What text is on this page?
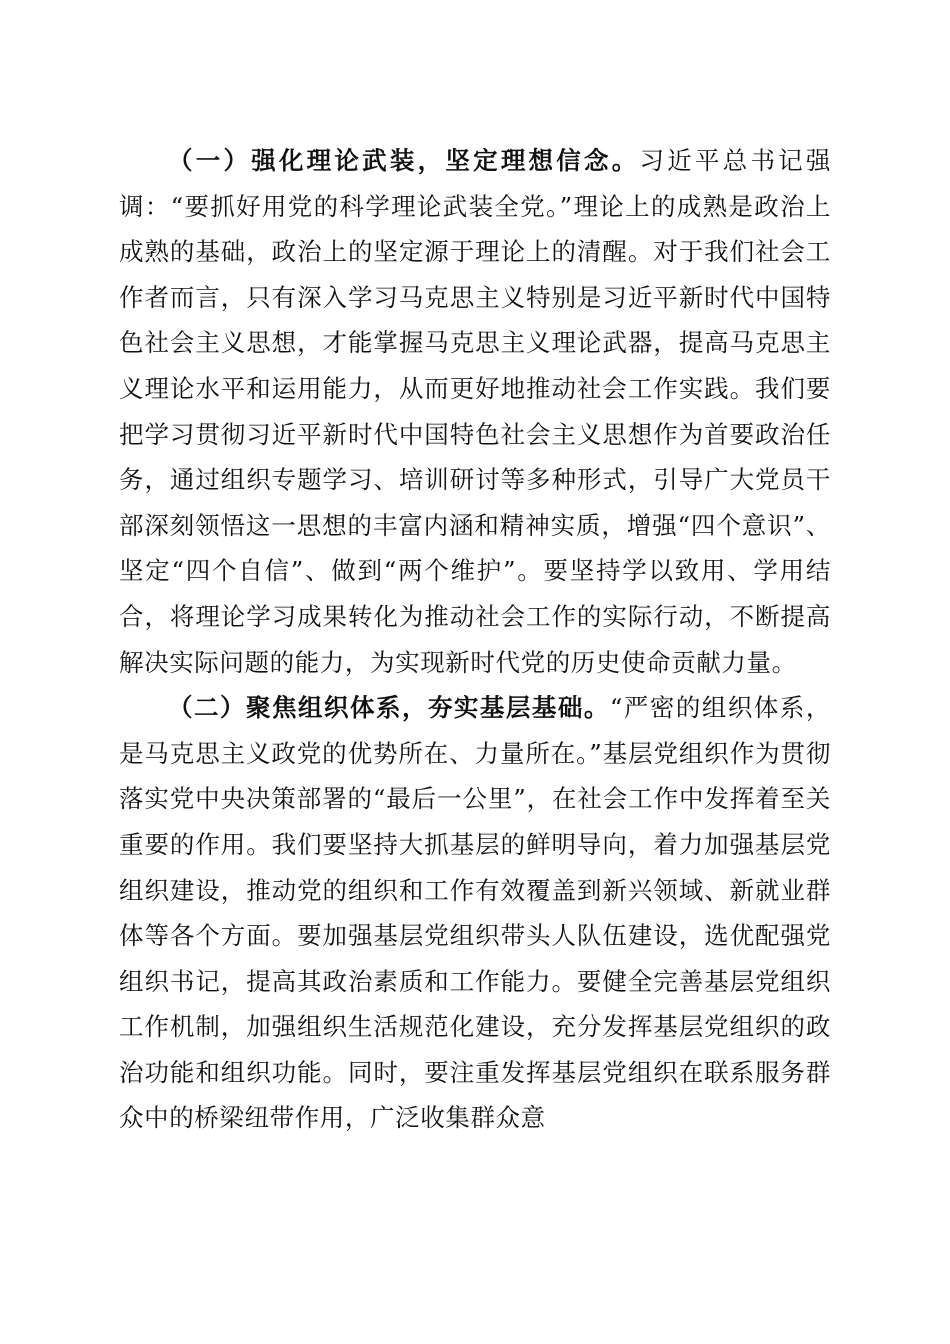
（一）强化理论武装，坚定理想信念。习近平总书记强调：“要抓好用党的科学理论武装全党。”理论上的成熟是政治上成熟的基础，政治上的坚定源于理论上的清醒。对于我们社会工作者而言，只有深入学习马克思主义特别是习近平新时代中国特色社会主义思想，才能掌握马克思主义理论武器，提高马克思主义理论水平和运用能力，从而更好地推动社会工作实践。我们要把学习贯彻习近平新时代中国特色社会主义思想作为首要政治任务，通过组织专题学习、培训研讨等多种形式，引导广大党员干部深刻领悟这一思想的丰富内涵和精神实质，增强“四个意识”、坚定“四个自信”、做到“两个维护”。要坚持学以致用、学用结合，将理论学习成果转化为推动社会工作的实际行动，不断提高解决实际问题的能力，为实现新时代党的历史使命贡献力量。

（二）聚焦组织体系，夯实基层基础。“严密的组织体系，是马克思主义政党的优势所在、力量所在。”基层党组织作为贯彻落实党中央决策部署的“最后一公里”，在社会工作中发挥着至关重要的作用。我们要坚持大抓基层的鲜明导向，着力加强基层党组织建设，推动党的组织和工作有效覆盖到新兴领域、新就业群体等各个方面。要加强基层党组织带头人队伍建设，选优配强党组织书记，提高其政治素质和工作能力。要健全完善基层党组织工作机制，加强组织生活规范化建设，充分发挥基层党组织的政治功能和组织功能。同时，要注重发挥基层党组织在联系服务群众中的桥梁纽带作用，广泛收集群众意
